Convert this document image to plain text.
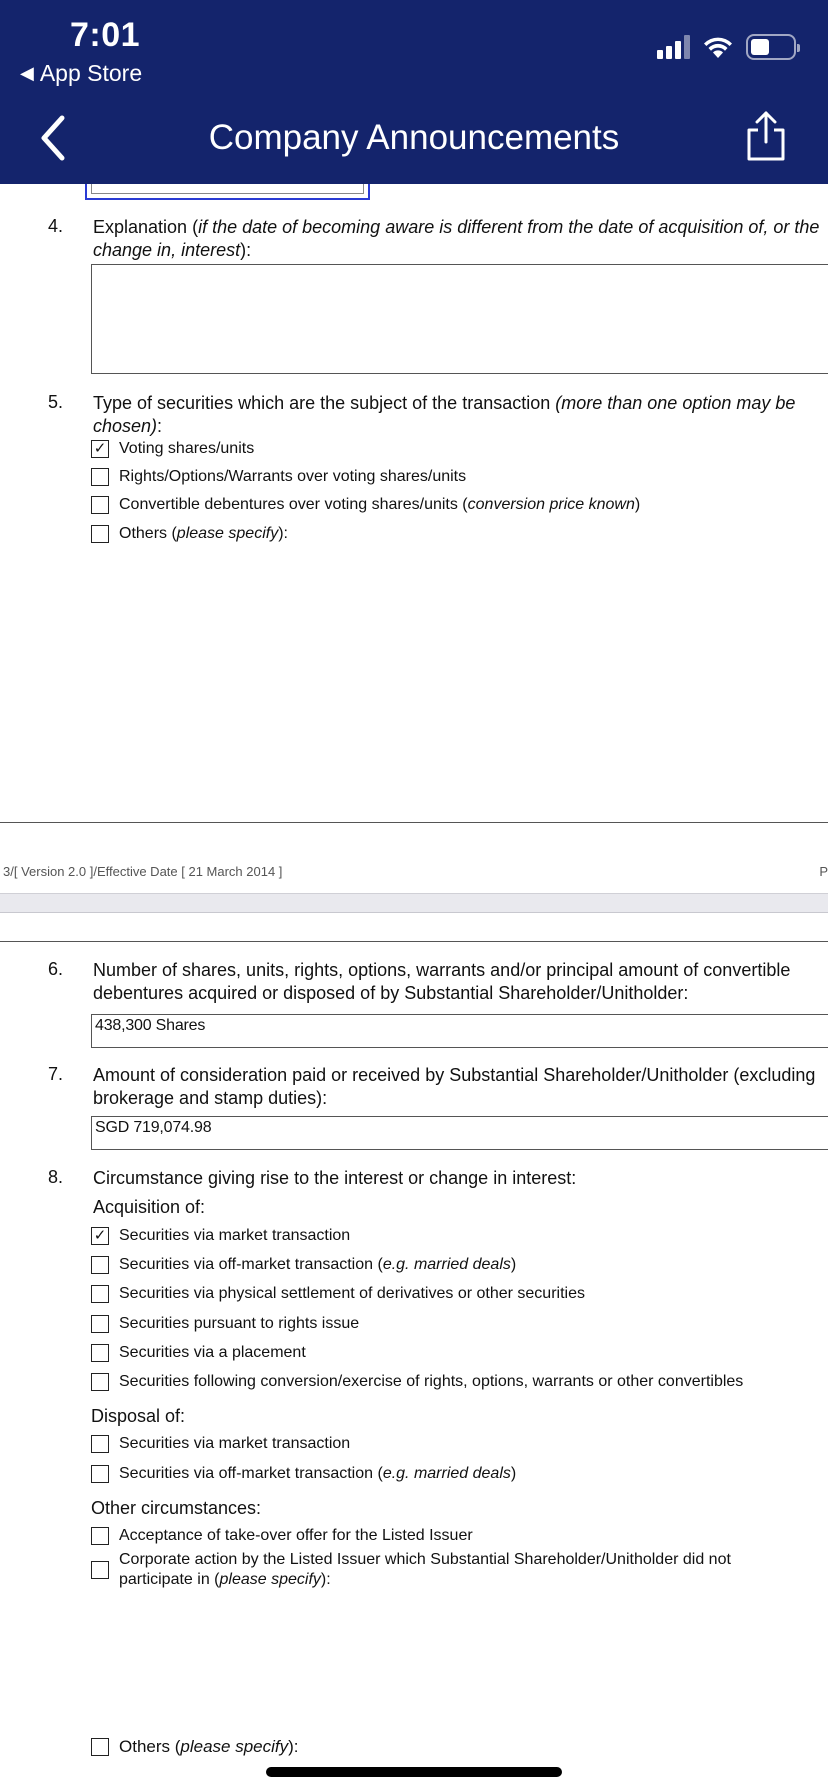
7:01
◀ App Store
Company Announcements
4. Explanation (if the date of becoming aware is different from the date of acquisition of, or the change in, interest):
5. Type of securities which are the subject of the transaction (more than one option may be chosen):
✓ Voting shares/units
Rights/Options/Warrants over voting shares/units
Convertible debentures over voting shares/units (conversion price known)
Others (please specify):
3/[ Version 2.0 ]/Effective Date [ 21 March 2014 ]	P
6. Number of shares, units, rights, options, warrants and/or principal amount of convertible debentures acquired or disposed of by Substantial Shareholder/Unitholder:
438,300 Shares
7. Amount of consideration paid or received by Substantial Shareholder/Unitholder (excluding brokerage and stamp duties):
SGD 719,074.98
8. Circumstance giving rise to the interest or change in interest:
Acquisition of:
✓ Securities via market transaction
Securities via off-market transaction (e.g. married deals)
Securities via physical settlement of derivatives or other securities
Securities pursuant to rights issue
Securities via a placement
Securities following conversion/exercise of rights, options, warrants or other convertibles
Disposal of:
Securities via market transaction
Securities via off-market transaction (e.g. married deals)
Other circumstances:
Acceptance of take-over offer for the Listed Issuer
Corporate action by the Listed Issuer which Substantial Shareholder/Unitholder did not participate in (please specify):
Others (please specify):
